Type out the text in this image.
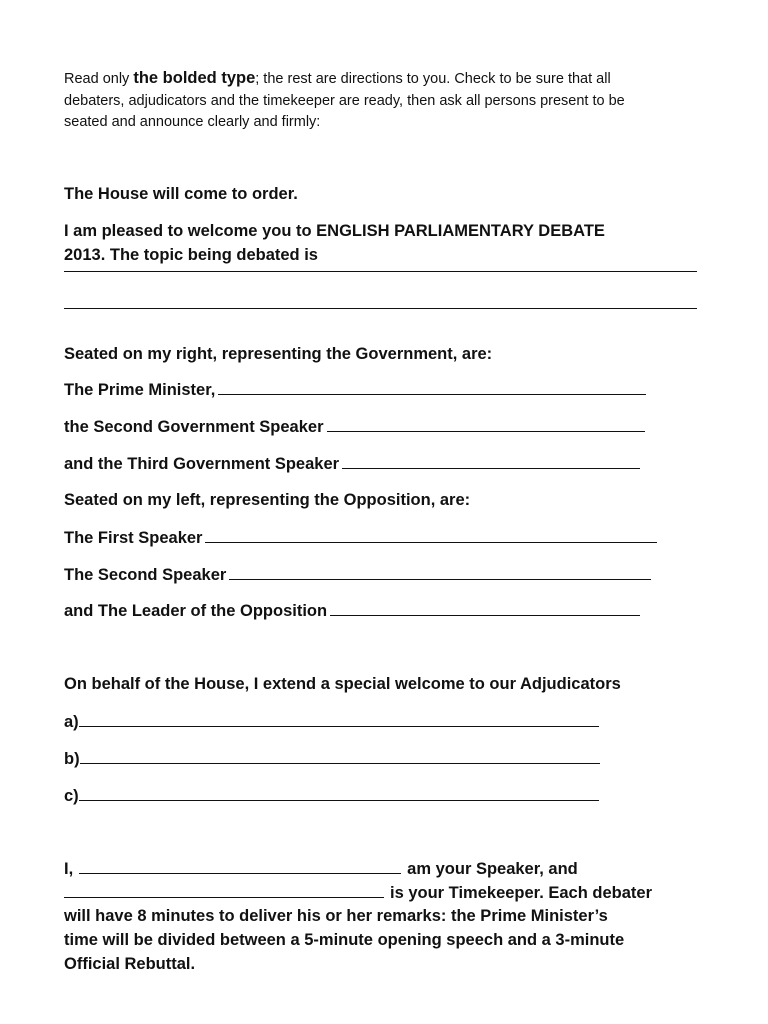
Read only the bolded type; the rest are directions to you. Check to be sure that all
debaters, adjudicators and the timekeeper are ready, then ask all persons present to be
seated and announce clearly and firmly:
The House will come to order.
I am pleased to welcome you to ENGLISH PARLIAMENTARY DEBATE
2013. The topic being debated is
Seated on my right, representing the Government, are:
The Prime Minister,
the Second Government Speaker
and the Third Government Speaker
Seated on my left, representing the Opposition, are:
The First Speaker
The Second Speaker
and The Leader of the Opposition
On behalf of the House, I extend a special welcome to our Adjudicators
a)
b)
c)
I,	am your Speaker, and
is your Timekeeper. Each debater
will have 8 minutes to deliver his or her remarks: the Prime Minister’s
time will be divided between a 5-minute opening speech and a 3-minute
Official Rebuttal.
